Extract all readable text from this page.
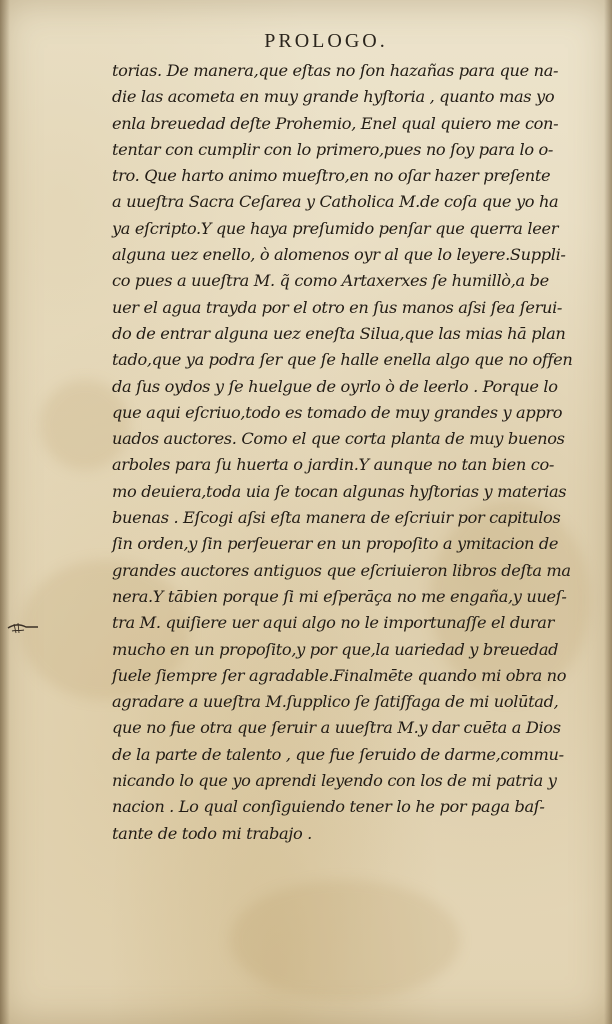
PROLOGO.
torias. De manera,que eſtas no ſon hazañas para que na-
die las acometa en muy grande hyſtoria , quanto mas yo
enla breuedad deſte Prohemio, Enel qual quiero me con-
tentar con cumplir con lo primero,pues no ſoy para lo o-
tro. Que harto animo mueſtro,en no oſar hazer preſente
a uueſtra Sacra Ceſarea y Catholica M.de coſa que yo ha
ya eſcripto.Y que haya preſumido penſar que querra leer
alguna uez enello, ò alomenos oyr al que lo leyere.Suppli-
co pues a uueſtra M. q̃ como Artaxerxes ſe humillò,a be
uer el agua trayda por el otro en ſus manos aſsi ſea ſerui-
do de entrar alguna uez eneſta Silua,que las mias hā plan
tado,que ya podra ſer que ſe halle enella algo que no offen
da ſus oydos y ſe huelgue de oyrlo ò de leerlo . Porque lo
que aqui eſcriuo,todo es tomado de muy grandes y appro
uados auctores. Como el que corta planta de muy buenos
arboles para ſu huerta o jardin.Y aunque no tan bien co-
mo deuiera,toda uia ſe tocan algunas hyſtorias y materias
buenas . Eſcogi aſsi eſta manera de eſcriuir por capitulos
ſin orden,y ſin perſeuerar en un propoſito a ymitacion de
grandes auctores antiguos que eſcriuieron libros deſta ma
nera.Y tābien porque ſi mi eſperāça no me engaña,y uueſ-
tra M. quiſiere uer aqui algo no le importunaſſe el durar
mucho en un propoſito,y por que,la uariedad y breuedad
ſuele ſiempre ſer agradable.Finalmēte quando mi obra no
agradare a uueſtra M.ſupplico ſe ſatiſfaga de mi uolūtad,
que no fue otra que ſeruir a uueſtra M.y dar cuēta a Dios
de la parte de talento , que fue ſeruido de darme,commu-
nicando lo que yo aprendi leyendo con los de mi patria y
nacion . Lo qual conſiguiendo tener lo he por paga baſ-
tante de todo mi trabajo .
